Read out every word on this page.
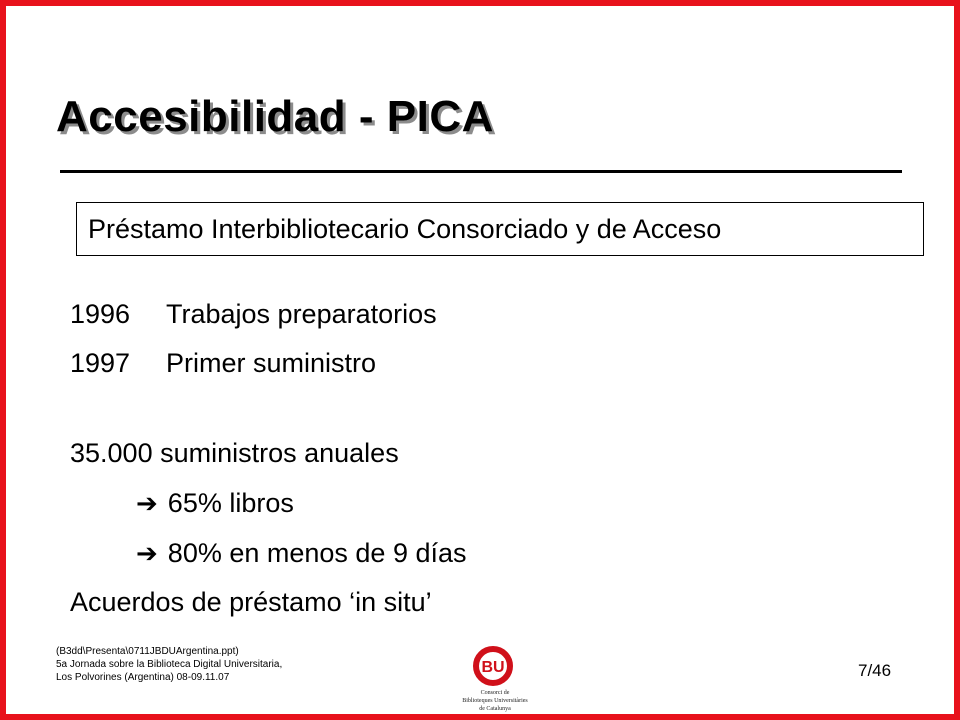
Accesibilidad - PICA
Préstamo Interbibliotecario Consorciado y de Acceso
1996 Trabajos preparatorios
1997 Primer suministro
35.000 suministros anuales
➔ 65% libros
➔ 80% en menos de 9 días
Acuerdos de préstamo ‘in situ’
(B3dd\Presenta\0711JBDUArgentina.ppt)
5a Jornada sobre la Biblioteca Digital Universitaria,
Los Polvorines (Argentina) 08-09.11.07
BU
Consorci de
Biblioteques Universitàries
de Catalunya
7/46
